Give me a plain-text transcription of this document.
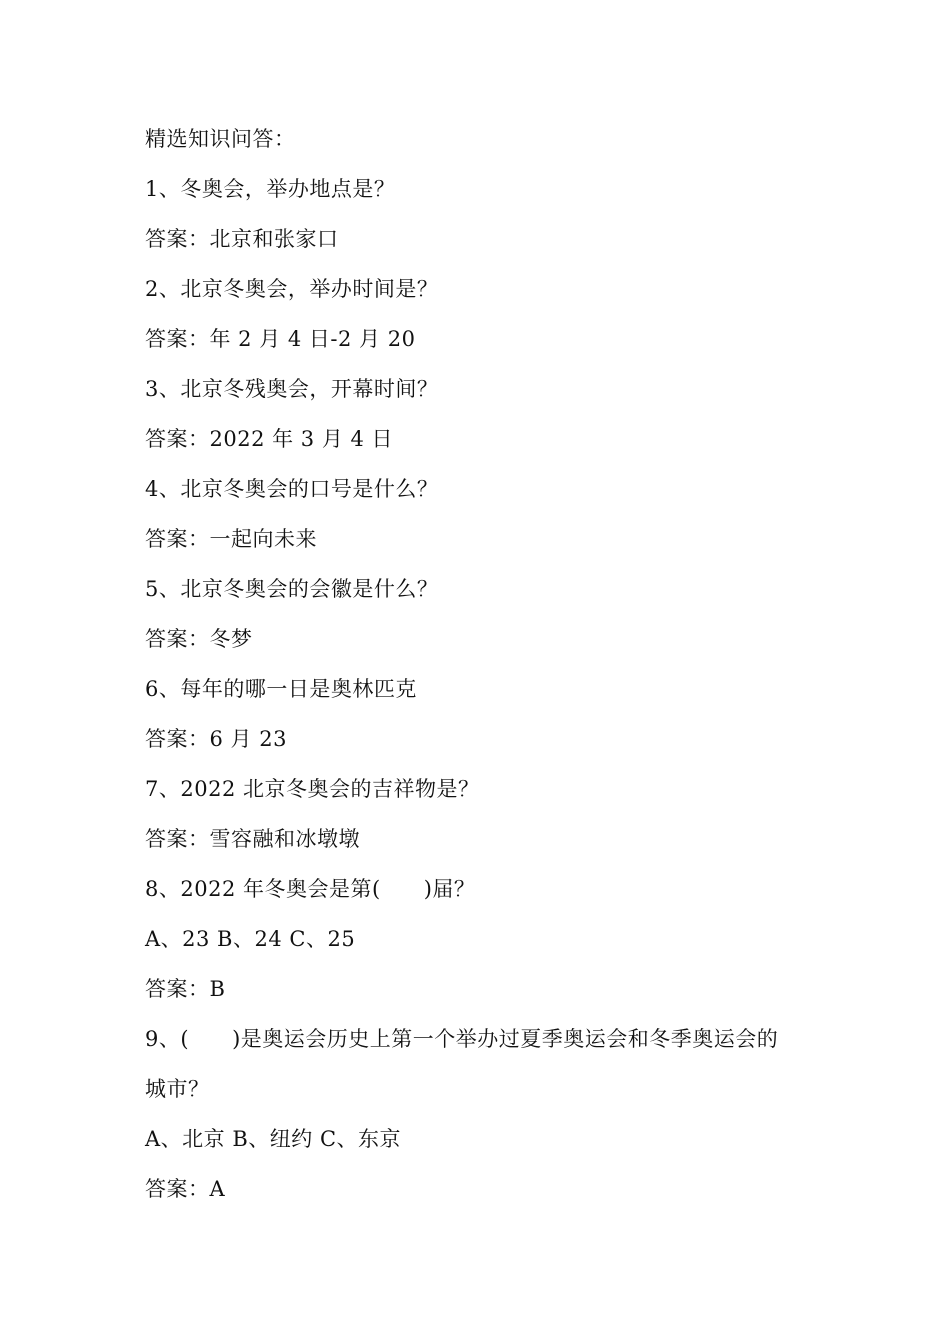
精选知识问答：
1、冬奥会，举办地点是？
答案：北京和张家口
2、北京冬奥会，举办时间是？
答案：年 2 月 4 日-2 月 20
3、北京冬残奥会，开幕时间？
答案：2022 年 3 月 4 日
4、北京冬奥会的口号是什么？
答案：一起向未来
5、北京冬奥会的会徽是什么？
答案：冬梦
6、每年的哪一日是奥林匹克
答案：6 月 23
7、2022 北京冬奥会的吉祥物是？
答案：雪容融和冰墩墩
8、2022 年冬奥会是第(      )届？
A、23 B、24 C、25
答案：B
9、(      )是奥运会历史上第一个举办过夏季奥运会和冬季奥运会的
城市？
A、北京 B、纽约 C、东京
答案：A
